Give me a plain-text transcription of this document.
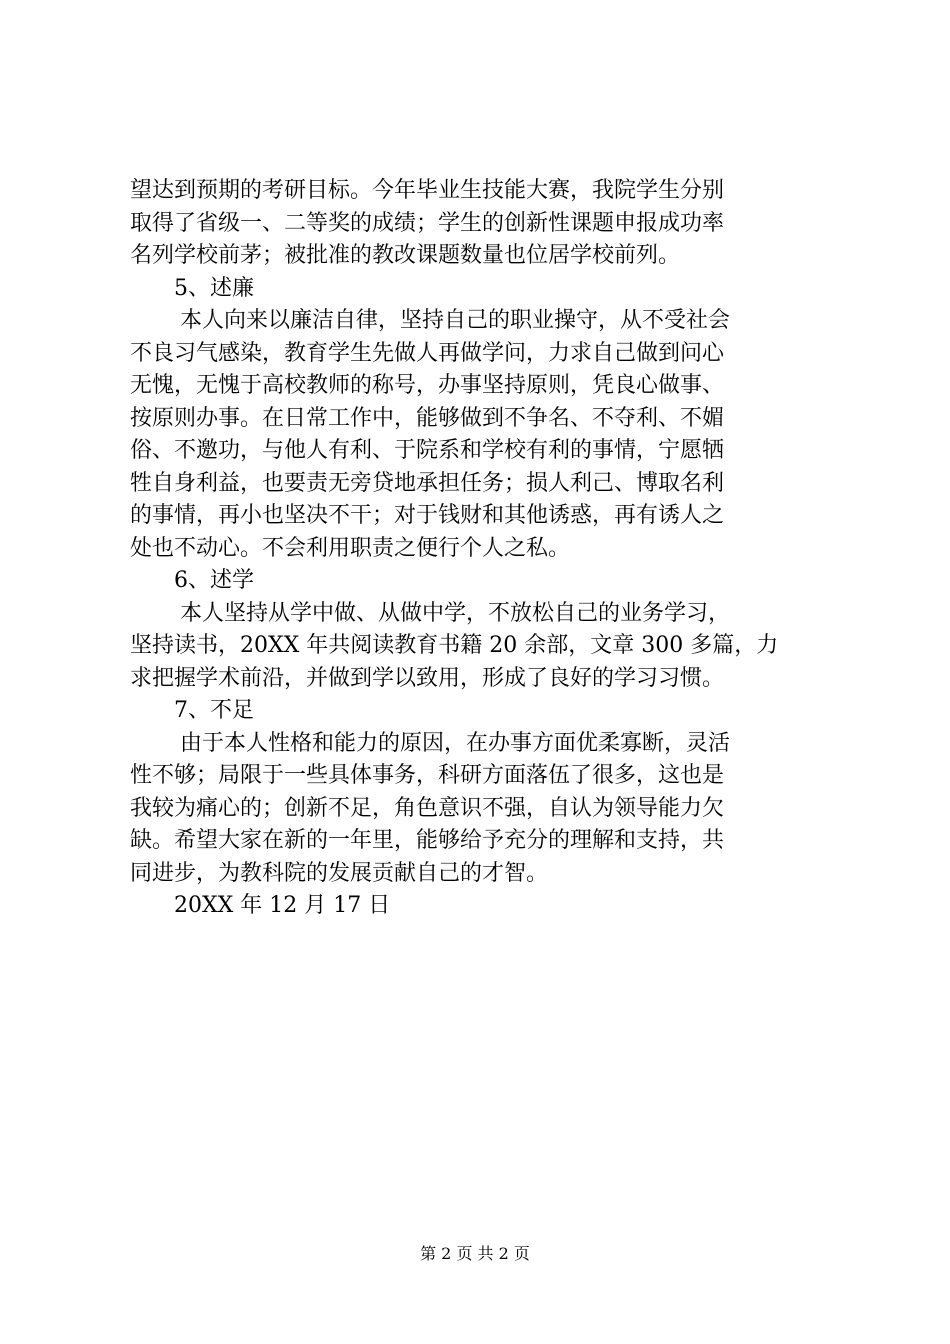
望达到预期的考研目标。今年毕业生技能大赛，我院学生分别
取得了省级一、二等奖的成绩；学生的创新性课题申报成功率
名列学校前茅；被批准的教改课题数量也位居学校前列。
5、述廉
本人向来以廉洁自律，坚持自己的职业操守，从不受社会
不良习气感染，教育学生先做人再做学问，力求自己做到问心
无愧，无愧于高校教师的称号，办事坚持原则，凭良心做事、
按原则办事。在日常工作中，能够做到不争名、不夺利、不媚
俗、不邀功，与他人有利、于院系和学校有利的事情，宁愿牺
牲自身利益，也要责无旁贷地承担任务；损人利己、博取名利
的事情，再小也坚决不干；对于钱财和其他诱惑，再有诱人之
处也不动心。不会利用职责之便行个人之私。
6、述学
本人坚持从学中做、从做中学，不放松自己的业务学习，
坚持读书，20XX 年共阅读教育书籍 20 余部，文章 300 多篇，力
求把握学术前沿，并做到学以致用，形成了良好的学习习惯。
7、不足
由于本人性格和能力的原因，在办事方面优柔寡断，灵活
性不够；局限于一些具体事务，科研方面落伍了很多，这也是
我较为痛心的；创新不足，角色意识不强，自认为领导能力欠
缺。希望大家在新的一年里，能够给予充分的理解和支持，共
同进步，为教科院的发展贡献自己的才智。
20XX 年 12 月 17 日
第 2 页 共 2 页
